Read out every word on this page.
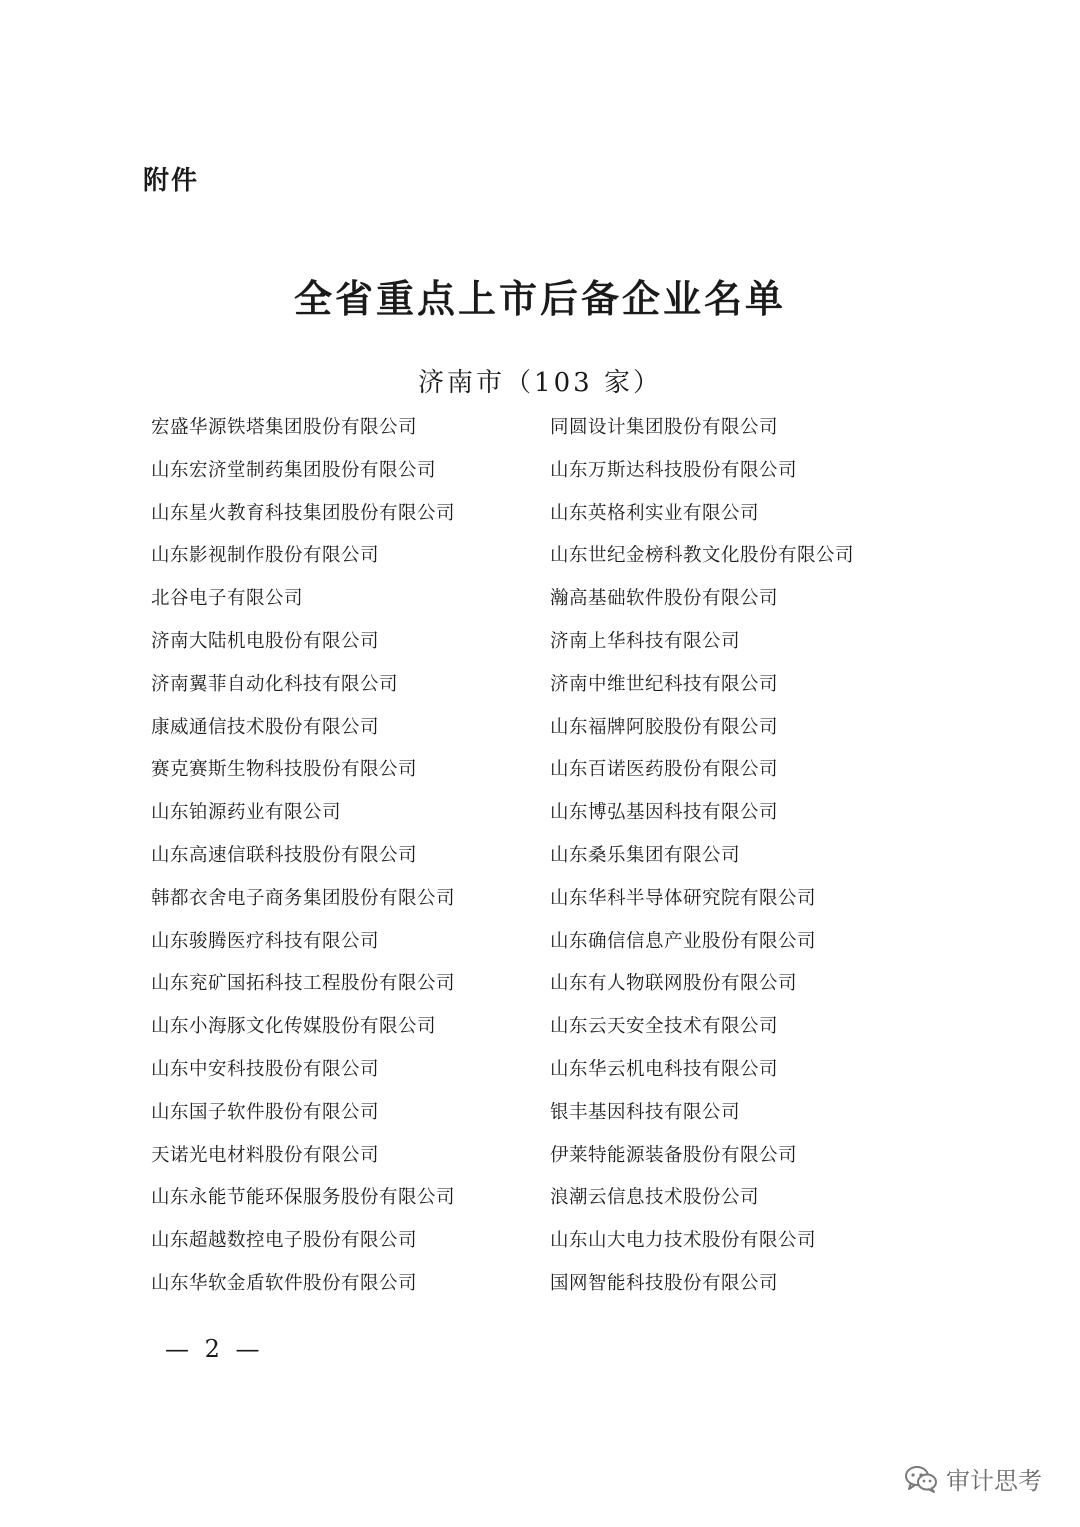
附件
全省重点上市后备企业名单
济南市（103 家）
宏盛华源铁塔集团股份有限公司
山东宏济堂制药集团股份有限公司
山东星火教育科技集团股份有限公司
山东影视制作股份有限公司
北谷电子有限公司
济南大陆机电股份有限公司
济南翼菲自动化科技有限公司
康威通信技术股份有限公司
赛克赛斯生物科技股份有限公司
山东铂源药业有限公司
山东高速信联科技股份有限公司
韩都衣舍电子商务集团股份有限公司
山东骏腾医疗科技有限公司
山东兖矿国拓科技工程股份有限公司
山东小海豚文化传媒股份有限公司
山东中安科技股份有限公司
山东国子软件股份有限公司
天诺光电材料股份有限公司
山东永能节能环保服务股份有限公司
山东超越数控电子股份有限公司
山东华软金盾软件股份有限公司
同圆设计集团股份有限公司
山东万斯达科技股份有限公司
山东英格利实业有限公司
山东世纪金榜科教文化股份有限公司
瀚高基础软件股份有限公司
济南上华科技有限公司
济南中维世纪科技有限公司
山东福牌阿胶股份有限公司
山东百诺医药股份有限公司
山东博弘基因科技有限公司
山东桑乐集团有限公司
山东华科半导体研究院有限公司
山东确信信息产业股份有限公司
山东有人物联网股份有限公司
山东云天安全技术有限公司
山东华云机电科技有限公司
银丰基因科技有限公司
伊莱特能源装备股份有限公司
浪潮云信息技术股份公司
山东山大电力技术股份有限公司
国网智能科技股份有限公司
— 2 —
审计思考
